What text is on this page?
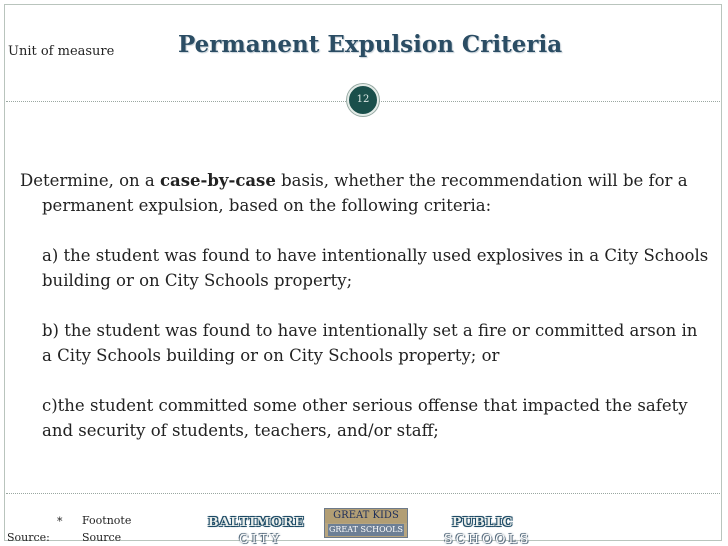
Unit of measure	Permanent Expulsion Criteria
12

Determine, on a case-by-case basis, whether the recommendation will be for a permanent expulsion, based on the following criteria:

a) the student was found to have intentionally used explosives in a City Schools building or on City Schools property;

b) the student was found to have intentionally set a fire or committed arson in a City Schools building or on City Schools property; or

c)the student committed some other serious offense that impacted the safety and security of students, teachers, and/or staff;

* Footnote
Source:	Source
BALTIMORE
CITY
PUBLIC
SCHOOLS
GREAT KIDS
GREAT SCHOOLS
